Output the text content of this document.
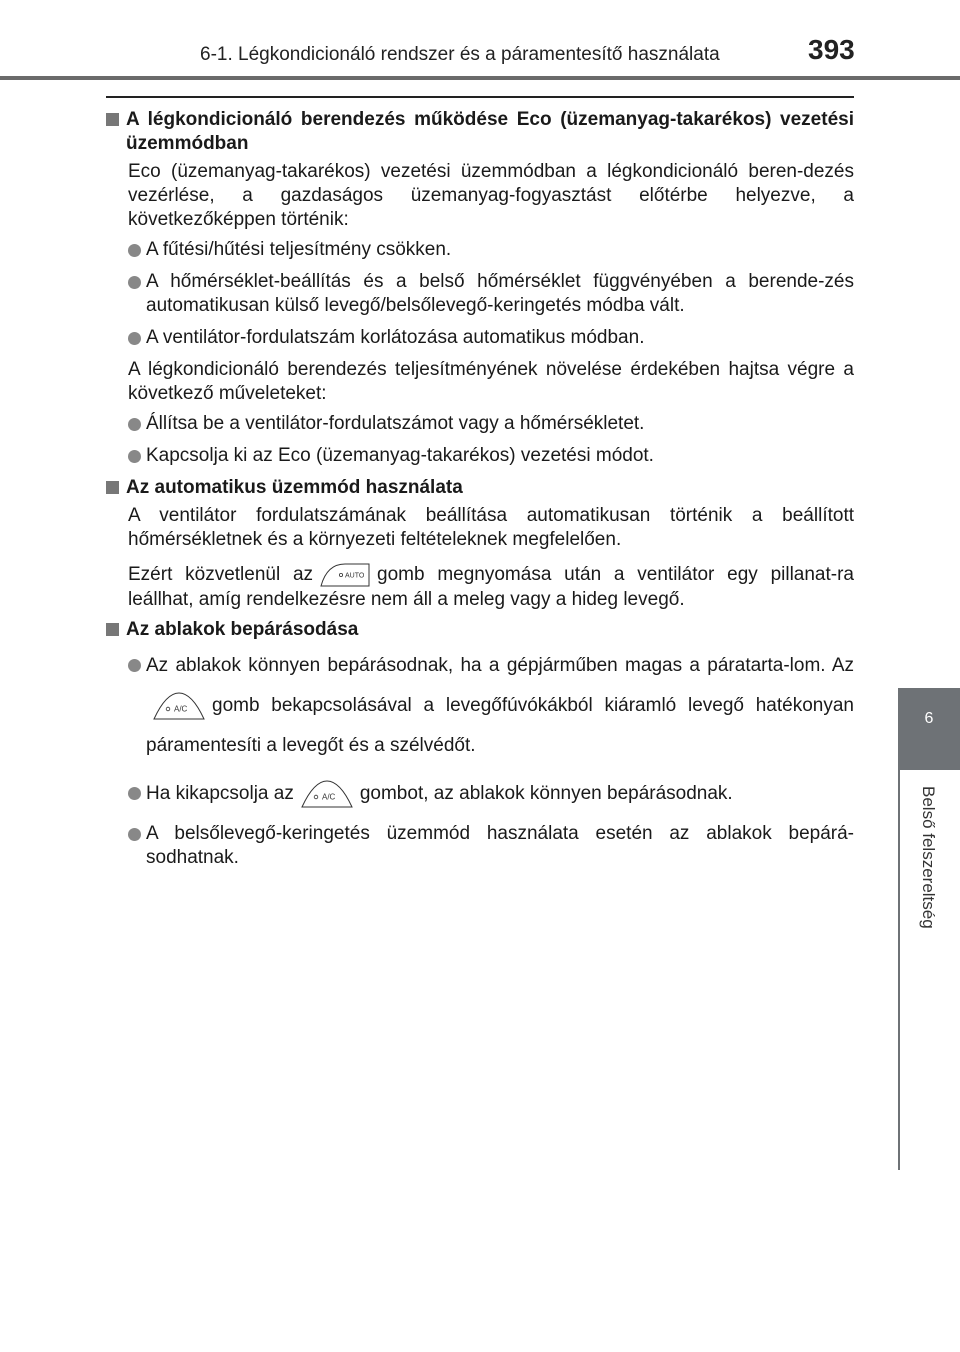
6-1. Légkondicionáló rendszer és a páramentesítő használata	393
6
Belső felszereltség
A légkondicionáló berendezés működése Eco (üzemanyag-takarékos) vezetési üzemmódban

Eco (üzemanyag-takarékos) vezetési üzemmódban a légkondicionáló beren-dezés vezérlése, a gazdaságos üzemanyag-fogyasztást előtérbe helyezve, a következőképpen történik:

A fűtési/hűtési teljesítmény csökken.
A hőmérséklet-beállítás és a belső hőmérséklet függvényében a berende-zés automatikusan külső levegő/belsőlevegő-keringetés módba vált.
A ventilátor-fordulatszám korlátozása automatikus módban.

A légkondicionáló berendezés teljesítményének növelése érdekében hajtsa végre a következő műveleteket:

Állítsa be a ventilátor-fordulatszámot vagy a hőmérsékletet.
Kapcsolja ki az Eco (üzemanyag-takarékos) vezetési módot.
Az automatikus üzemmód használata

A ventilátor fordulatszámának beállítása automatikusan történik a beállított hőmérsékletnek és a környezeti feltételeknek megfelelően.

Ezért közvetlenül az	AUTO gomb megnyomása után a ventilátor egy pillanat-ra leállhat, amíg rendelkezésre nem áll a meleg vagy a hideg levegő.

Az ablakok bepárásodása
Az ablakok könnyen bepárásodnak, ha a gépjárműben magas a páratarta-lom. Az
A/C gomb bekapcsolásával a levegőfúvókákból kiáramló levegő hatékonyan páramentesíti a levegőt és a szélvédőt.
Ha kikapcsolja az	A/C gombot, az ablakok könnyen bepárásodnak.
A belsőlevegő-keringetés üzemmód használata esetén az ablakok bepárá-sodhatnak.
